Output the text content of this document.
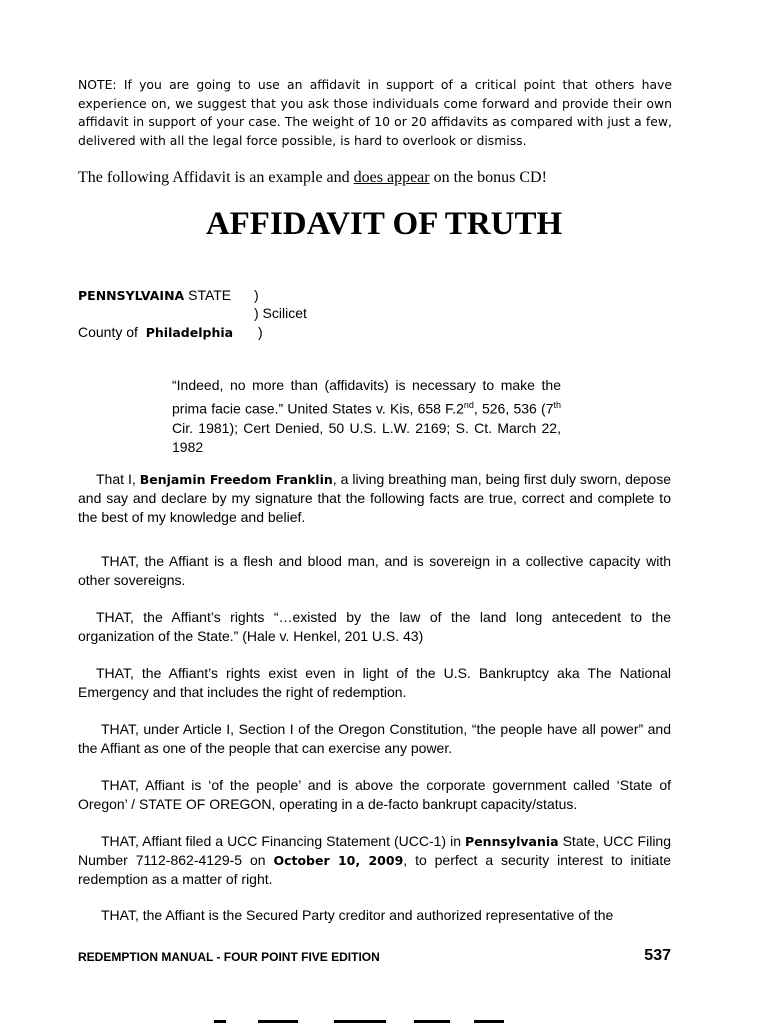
NOTE: If you are going to use an affidavit in support of a critical point that others have experience on, we suggest that you ask those individuals come forward and provide their own affidavit in support of your case. The weight of 10 or 20 affidavits as compared with just a few, delivered with all the legal force possible, is hard to overlook or dismiss.

The following Affidavit is an example and does appear on the bonus CD!

AFFIDAVIT OF TRUTH
PENNSYLVAINA STATE )
) Scilicet
County of Philadelphia )

“Indeed, no more than (affidavits) is necessary to make the prima facie case.” United States v. Kis, 658 F.2nd, 526, 536 (7th Cir. 1981); Cert Denied, 50 U.S. L.W. 2169; S. Ct. March 22, 1982

That I, Benjamin Freedom Franklin, a living breathing man, being first duly sworn, depose and say and declare by my signature that the following facts are true, correct and complete to the best of my knowledge and belief.

THAT, the Affiant is a flesh and blood man, and is sovereign in a collective capacity with other sovereigns.

THAT, the Affiant’s rights “…existed by the law of the land long antecedent to the organization of the State.” (Hale v. Henkel, 201 U.S. 43)

THAT, the Affiant’s rights exist even in light of the U.S. Bankruptcy aka The National Emergency and that includes the right of redemption.

THAT, under Article I, Section I of the Oregon Constitution, “the people have all power” and the Affiant as one of the people that can exercise any power.

THAT, Affiant is ‘of the people’ and is above the corporate government called ‘State of Oregon’ / STATE OF OREGON, operating in a de-facto bankrupt capacity/status.

THAT, Affiant filed a UCC Financing Statement (UCC-1) in Pennsylvania State, UCC Filing Number 7112-862-4129-5 on October 10, 2009, to perfect a security interest to initiate redemption as a matter of right.

THAT, the Affiant is the Secured Party creditor and authorized representative of the

REDEMPTION MANUAL - FOUR POINT FIVE EDITION	537
